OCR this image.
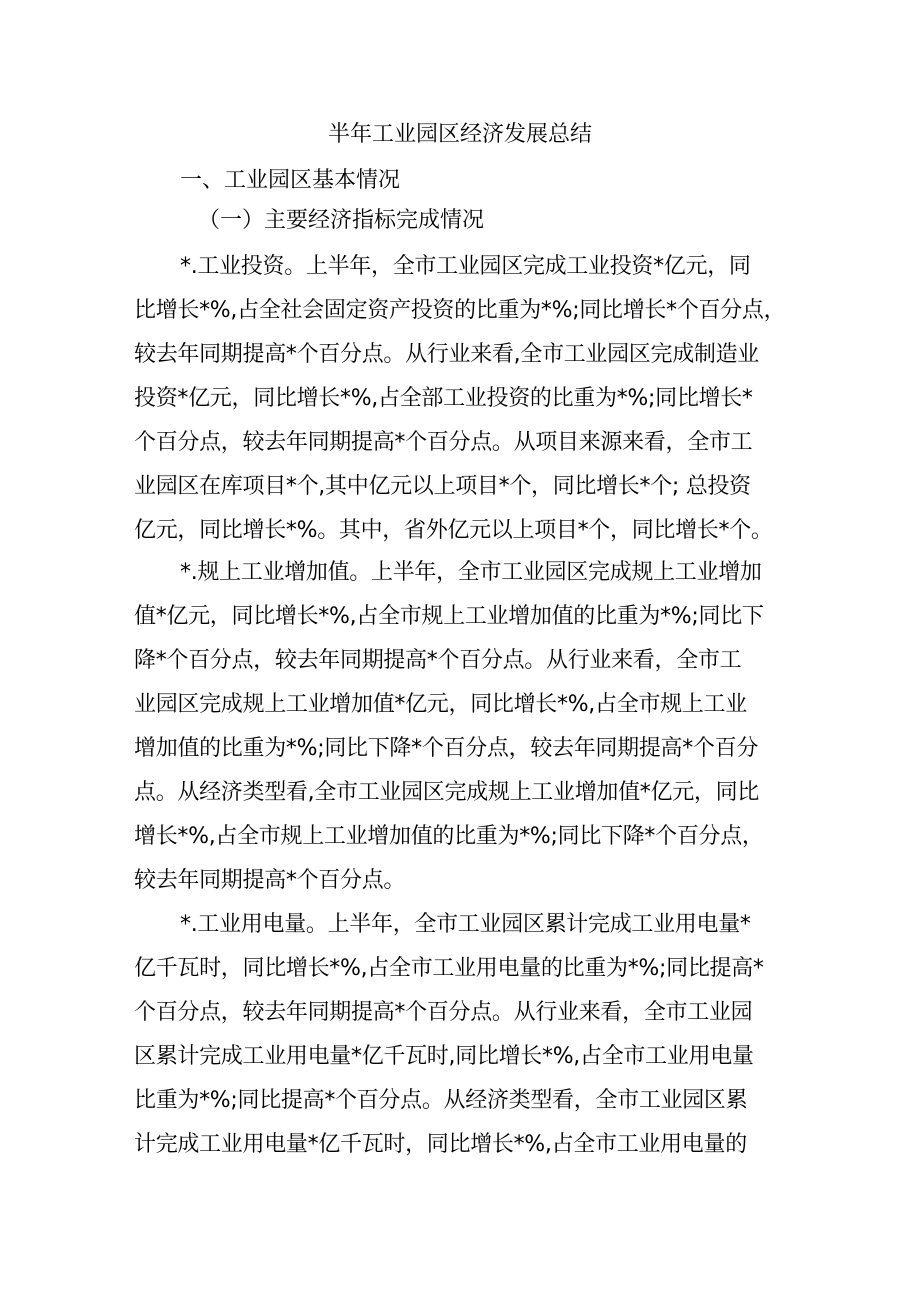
半年工业园区经济发展总结
一、工业园区基本情况
（一）主要经济指标完成情况
*.工业投资。上半年，全市工业园区完成工业投资*亿元，同
比增长*%,占全社会固定资产投资的比重为*%;同比增长*个百分点，
较去年同期提高*个百分点。从行业来看,全市工业园区完成制造业
投资*亿元，同比增长*%,占全部工业投资的比重为*%;同比增长*
个百分点，较去年同期提高*个百分点。从项目来源来看，全市工
业园区在库项目*个,其中亿元以上项目*个，同比增长*个; 总投资
亿元，同比增长*%。其中，省外亿元以上项目*个，同比增长*个。
*.规上工业增加值。上半年，全市工业园区完成规上工业增加
值*亿元，同比增长*%,占全市规上工业增加值的比重为*%;同比下
降*个百分点，较去年同期提高*个百分点。从行业来看，全市工
业园区完成规上工业增加值*亿元，同比增长*%,占全市规上工业
增加值的比重为*%;同比下降*个百分点，较去年同期提高*个百分
点。从经济类型看,全市工业园区完成规上工业增加值*亿元，同比
增长*%,占全市规上工业增加值的比重为*%;同比下降*个百分点，
较去年同期提高*个百分点。
*.工业用电量。上半年，全市工业园区累计完成工业用电量*
亿千瓦时，同比增长*%,占全市工业用电量的比重为*%;同比提高*
个百分点，较去年同期提高*个百分点。从行业来看，全市工业园
区累计完成工业用电量*亿千瓦时,同比增长*%,占全市工业用电量
比重为*%;同比提高*个百分点。从经济类型看，全市工业园区累
计完成工业用电量*亿千瓦时，同比增长*%,占全市工业用电量的
